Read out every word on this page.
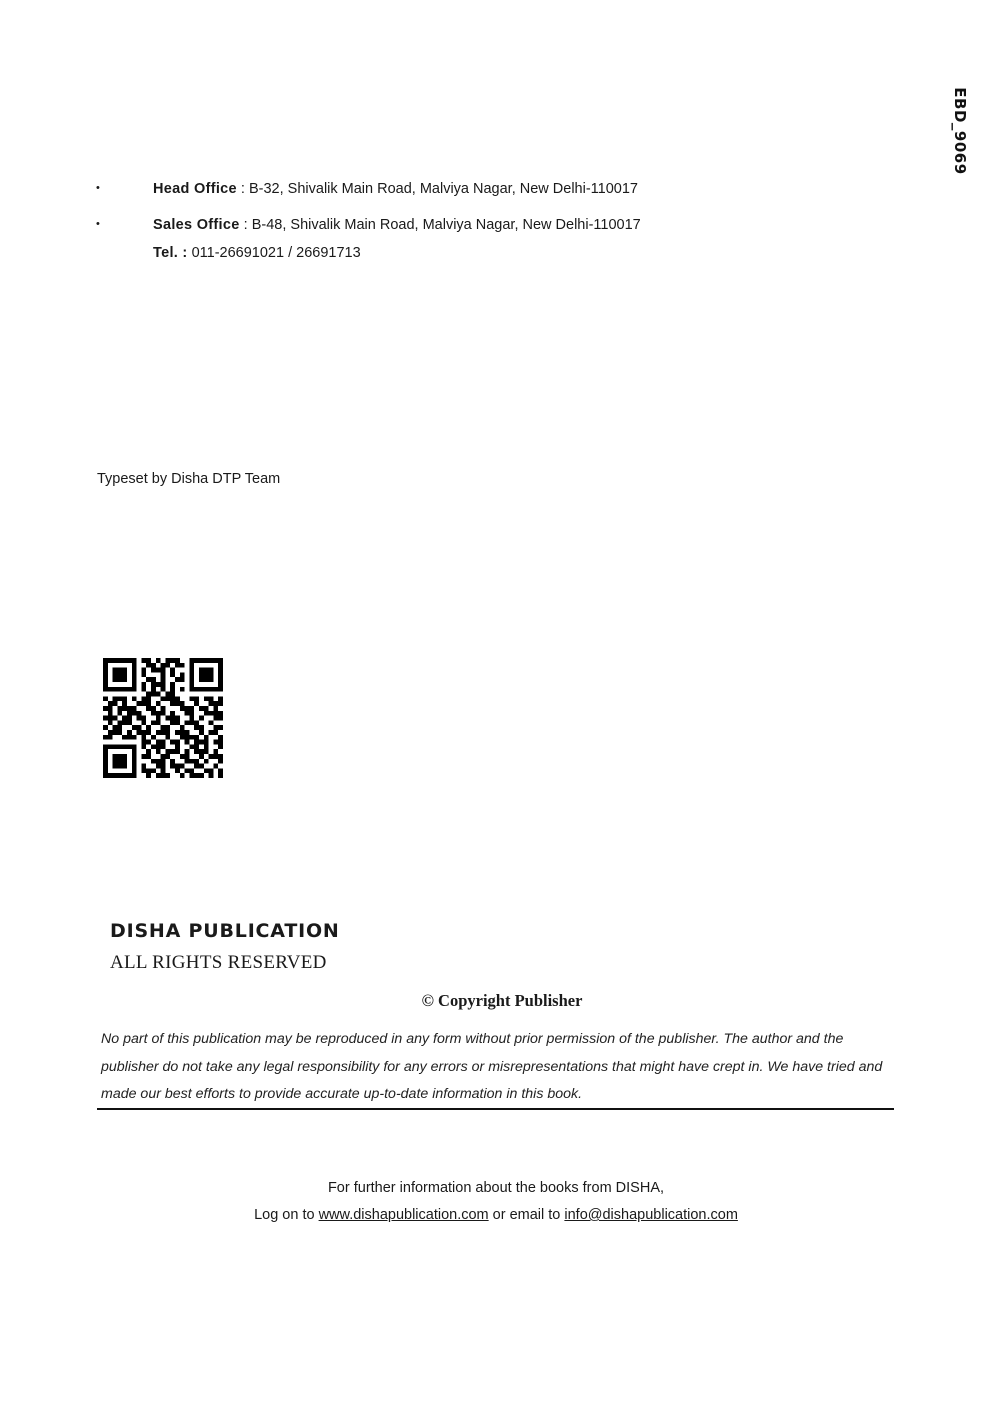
EBD_9069
•	Head Office : B-32, Shivalik Main Road, Malviya Nagar, New Delhi-110017
•	Sales Office : B-48, Shivalik Main Road, Malviya Nagar, New Delhi-110017
Tel. : 011-26691021 / 26691713
Typeset by Disha DTP Team
DISHA PUBLICATION
ALL RIGHTS RESERVED
© Copyright Publisher
No part of this publication may be reproduced in any form without prior permission of the publisher. The author and the publisher do not take any legal responsibility for any errors or misrepresentations that might have crept in. We have tried and made our best efforts to provide accurate up-to-date information in this book.
For further information about the books from DISHA,
Log on to www.dishapublication.com or email to info@dishapublication.com
